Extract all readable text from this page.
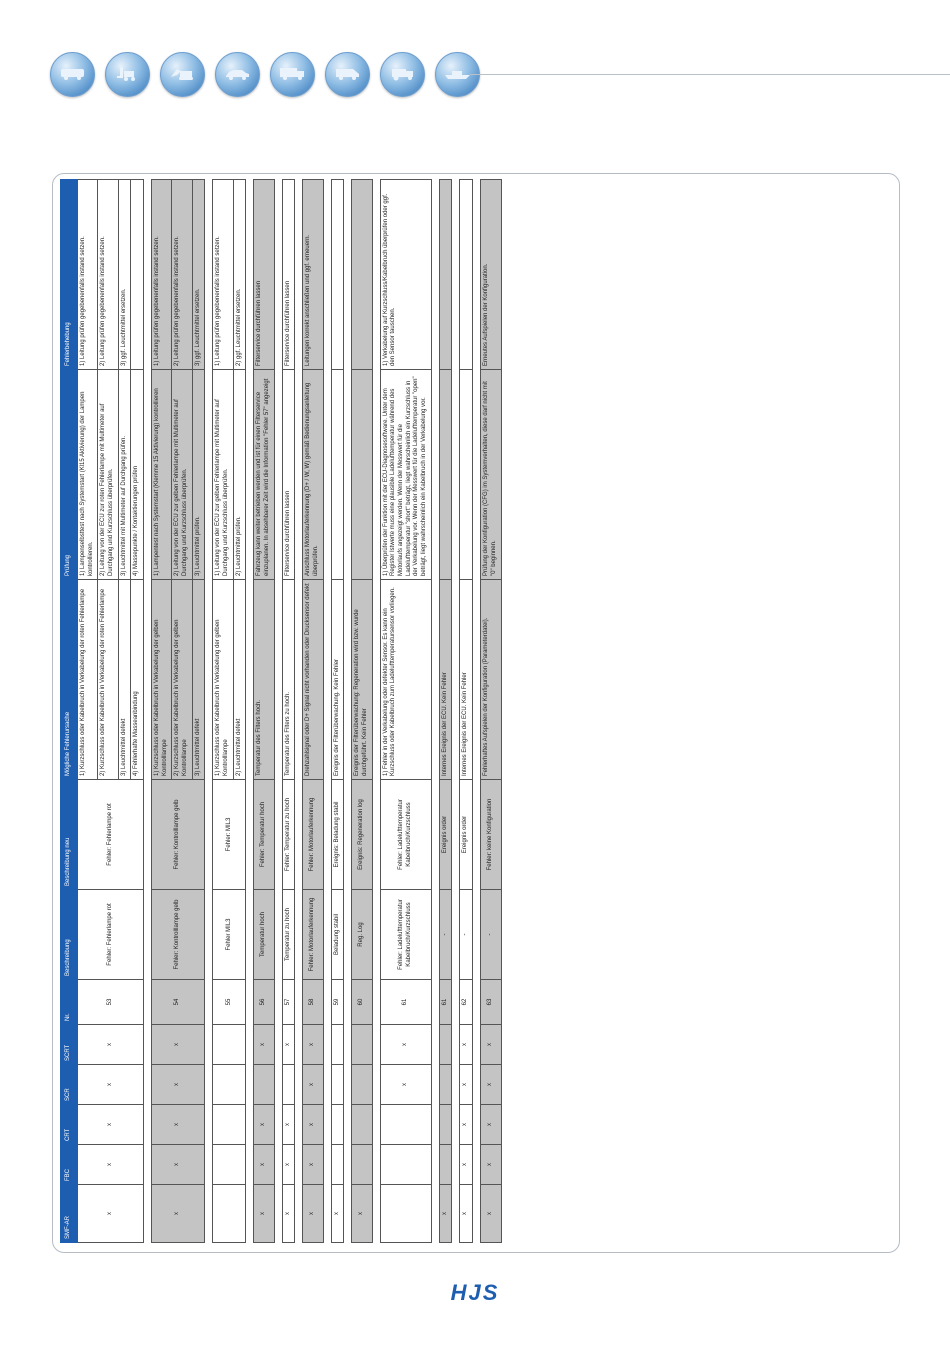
SMF-AR	FBC	CRT	SCR	SCRT	Nr.	Beschreibung	Beschreibung neu	Mögliche Fehlerursache	Prüfung	Fehlerbehebung
x	x	x	x	x	53	Fehler: Fehlerlampe rot	Fehler: Fehlerlampe rot	1) Kurzschluss oder Kabelbruch in Verkabelung der roten Fehlerlampe	1) Lampenselbsttest nach Systemstart (Kl15 Aktivierung) der Lampen kontrollieren.	1) Leitung prüfen gegebenenfalls instand setzen.
								2) Kurzschluss oder Kabelbruch in Verkabelung der roten Fehlerlampe	2) Leitung von der ECU zur roten Fehlerlampe mit Multimeter auf Durchgang und Kurzschluss überprüfen.	2) Leitung prüfen gegebenenfalls instand setzen.
								3) Leuchtmittel defekt	3) Leuchtmittel mit Multimeter auf Durchgang prüfen.	3) ggf. Leuchtmittel ersetzen.
								4) Fehlerhafte Masseanbindung	4) Massepunkte / Kontaktierungen prüfen	

x	x	x	x	x	54	Fehler: Kontrolllampe gelb	Fehler: Kontrolllampe gelb	1) Kurzschluss oder Kabelbruch in Verkabelung der gelben Kontrolllampe	1) Lampentest nach Systemstart (Klemme 15 Aktivierung) kontrollieren	1) Leitung prüfen gegebenenfalls instand setzen.
								2) Kurzschluss oder Kabelbruch in Verkabelung der gelben Kontrolllampe	2) Leitung von der ECU zur gelben Fehlerlampe mit Multimeter auf Durchgang und Kurzschluss überprüfen.	2) Leitung prüfen gegebenenfalls instand setzen.
								3) Leuchtmittel defekt	3) Leuchtmittel prüfen.	3) ggf. Leuchtmittel ersetzen.

					55	Fehler MIL3	Fehler: MIL3	1) Kurzschluss oder Kabelbruch in Verkabelung der gelben Kontrolllampe	1) Leitung von der ECU zur gelben Fehlerlampe mit Multimeter auf Durchgang und Kurzschluss überprüfen.	1) Leitung prüfen gegebenenfalls instand setzen.
								2) Leuchtmittel defekt	2) Leuchtmittel prüfen.	2) ggf. Leuchtmittel ersetzen.

x	x	x		x	56	Temperatur hoch	Fehler: Temperatur hoch	Temperatur des Filters hoch.	Fahrzeug kann weiter betrieben werden und ist für einen Filterservice einzuplanen. In absehbarer Zeit wird die Information "Fehler 57" angezeigt	Filterservice durchführen lassen

x	x	x		x	57	Temperatur zu hoch	Fehler: Temperatur zu hoch	Temperatur des Filters zu hoch.	Filterservice durchführen lassen	Filterservice durchführen lassen

x	x	x	x	x	58	Fehler: Motorlauferkennung	Fehler: Motorlauferkennung	Drehzahlsignal oder D+ Signal nicht vorhanden oder Drucksensor defekt	Anschluss Motorlauferkennung (D+ / W, W) gemäß Bedienungsanleitung überprüfen.	Leitungen korrekt anschließen und ggf. erneuern.

x					59	Beladung stabil	Ereignis: Beladung stabil	Ereignis der Filterüberwachung. Kein Fehler		

x					60	Reg. Log	Ereignis: Regeneration log	Ereignis der Filterüberwachung: Regeneration wird bzw. wurde durchgeführt. Kein Fehler		

			x	x	61	Fehler: Ladelufttemperatur Kabelbruch/Kurzschluss	Fehler: Ladelufttemperatur Kabelbruch/Kurzschluss	1) Fehler in der Verkabelung oder defekter Sensor. Es kann ein Kurzschluss oder Kabelbruch zum Ladelufttemperatursensor vorliegen.	1) Überprüfen der Funktion mit der ECU-Diagnosesoftware. Unter dem Register Istwerte muss eine plausible Ladelufttemperatur während des Motorlaufs angezeigt werden. Wenn der Messwert für die Ladelufttemperatur "short" beträgt, liegt wahrscheinlich ein Kurzschluss in der Verkabelung vor. Wenn der Messwert für die Ladelufttemperatur "open" beträgt, liegt wahrscheinlich ein Kabelbruch in der Verkabelung vor.	1) Verkabelung auf Kurzschluss/Kabelbruch überprüfen oder ggf. den Sensor tauschen.

x					61	-	Ereignis order	Internes Ereignis der ECU. Kein Fehler		

x	x	x	x	x	62	-	Ereignis order	Internes Ereignis der ECU. Kein Fehler		

x	x	x	x	x	63	-	Fehler: keine Konfiguration	Fehlerhaftes Aufspielen der Konfiguration (Parameterdatei).	Prüfung der Konfiguration (CFG) im Systemverhalten, diese darf nicht mit "0" beginnen.	Erneutes Aufspielen der Konfiguration.
HJS
